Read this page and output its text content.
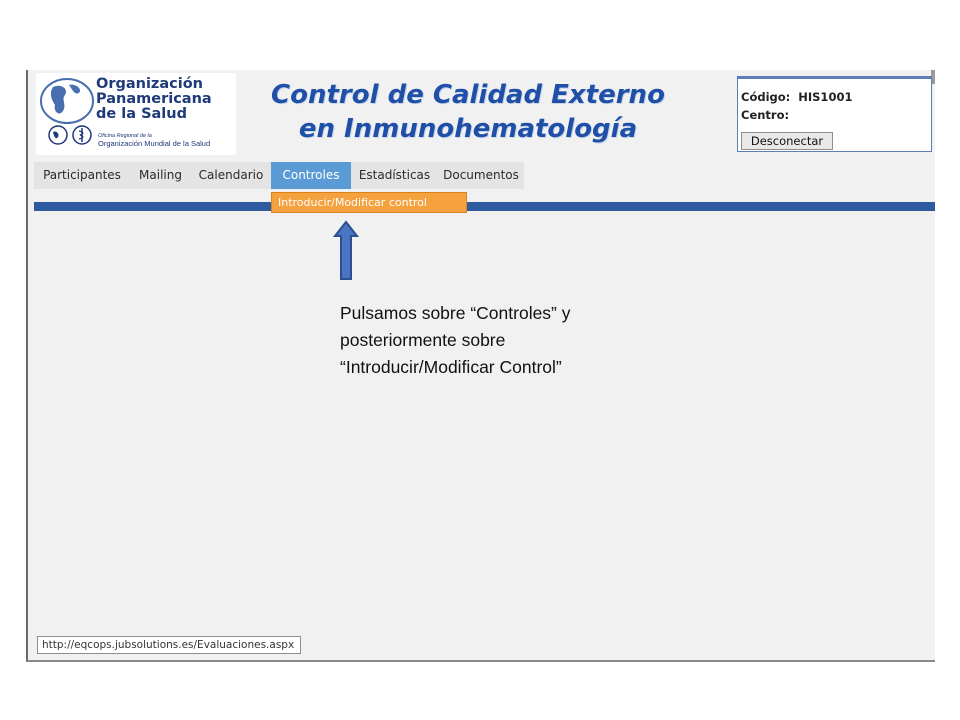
Organización
Panamericana
de la Salud
Oficina Regional de la
Organización Mundial de la Salud
Control de Calidad Externo
en Inmunohematología
Código: HIS1001
Centro:
Desconectar
Participantes	Mailing	Calendario	Controles	Estadísticas	Documentos
Introducir/Modificar control
http://eqcops.jubsolutions.es/Evaluaciones.aspx
Pulsamos sobre “Controles” y
posteriormente sobre
“Introducir/Modificar Control”
